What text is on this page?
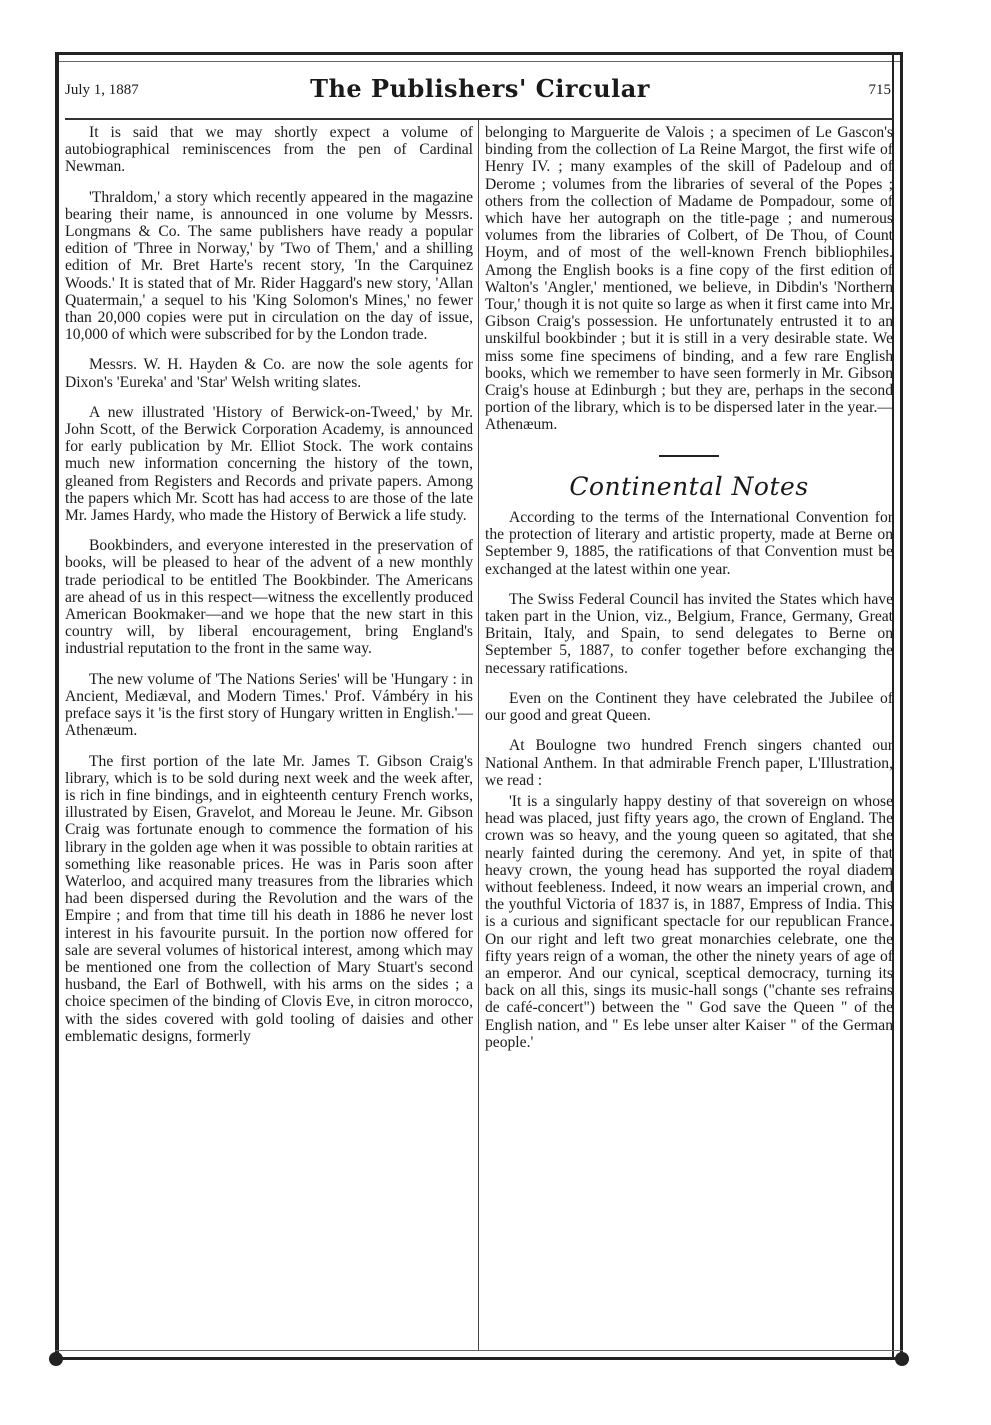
July 1, 1887	The Publishers' Circular	715

It is said that we may shortly expect a volume of autobiographical reminiscences from the pen of Cardinal Newman.

'Thraldom,' a story which recently appeared in the magazine bearing their name, is announced in one volume by Messrs. Longmans & Co. The same publishers have ready a popular edition of 'Three in Norway,' by 'Two of Them,' and a shilling edition of Mr. Bret Harte's recent story, 'In the Carquinez Woods.' It is stated that of Mr. Rider Haggard's new story, 'Allan Quatermain,' a sequel to his 'King Solomon's Mines,' no fewer than 20,000 copies were put in circulation on the day of issue, 10,000 of which were subscribed for by the London trade.

Messrs. W. H. Hayden & Co. are now the sole agents for Dixon's 'Eureka' and 'Star' Welsh writing slates.

A new illustrated 'History of Berwick-on-Tweed,' by Mr. John Scott, of the Berwick Corporation Academy, is announced for early publication by Mr. Elliot Stock. The work contains much new information concerning the history of the town, gleaned from Registers and Records and private papers. Among the papers which Mr. Scott has had access to are those of the late Mr. James Hardy, who made the History of Berwick a life study.

Bookbinders, and everyone interested in the preservation of books, will be pleased to hear of the advent of a new monthly trade periodical to be entitled The Bookbinder. The Americans are ahead of us in this respect—witness the excellently produced American Bookmaker—and we hope that the new start in this country will, by liberal encouragement, bring England's industrial reputation to the front in the same way.

The new volume of 'The Nations Series' will be 'Hungary : in Ancient, Mediæval, and Modern Times.' Prof. Vámbéry in his preface says it 'is the first story of Hungary written in English.'—Athenæum.

The first portion of the late Mr. James T. Gibson Craig's library, which is to be sold during next week and the week after, is rich in fine bindings, and in eighteenth century French works, illustrated by Eisen, Gravelot, and Moreau le Jeune. Mr. Gibson Craig was fortunate enough to commence the formation of his library in the golden age when it was possible to obtain rarities at something like reasonable prices. He was in Paris soon after Waterloo, and acquired many treasures from the libraries which had been dispersed during the Revolution and the wars of the Empire ; and from that time till his death in 1886 he never lost interest in his favourite pursuit. In the portion now offered for sale are several volumes of historical interest, among which may be mentioned one from the collection of Mary Stuart's second husband, the Earl of Bothwell, with his arms on the sides ; a choice specimen of the binding of Clovis Eve, in citron morocco, with the sides covered with gold tooling of daisies and other emblematic designs, formerly

belonging to Marguerite de Valois ; a specimen of Le Gascon's binding from the collection of La Reine Margot, the first wife of Henry IV. ; many examples of the skill of Padeloup and of Derome ; volumes from the libraries of several of the Popes ; others from the collection of Madame de Pompadour, some of which have her autograph on the title-page ; and numerous volumes from the libraries of Colbert, of De Thou, of Count Hoym, and of most of the well-known French bibliophiles. Among the English books is a fine copy of the first edition of Walton's 'Angler,' mentioned, we believe, in Dibdin's 'Northern Tour,' though it is not quite so large as when it first came into Mr. Gibson Craig's possession. He unfortunately entrusted it to an unskilful bookbinder ; but it is still in a very desirable state. We miss some fine specimens of binding, and a few rare English books, which we remember to have seen formerly in Mr. Gibson Craig's house at Edinburgh ; but they are, perhaps in the second portion of the library, which is to be dispersed later in the year.—Athenæum.

Continental Notes

According to the terms of the International Convention for the protection of literary and artistic property, made at Berne on September 9, 1885, the ratifications of that Convention must be exchanged at the latest within one year.

The Swiss Federal Council has invited the States which have taken part in the Union, viz., Belgium, France, Germany, Great Britain, Italy, and Spain, to send delegates to Berne on September 5, 1887, to confer together before exchanging the necessary ratifications.

Even on the Continent they have celebrated the Jubilee of our good and great Queen.

At Boulogne two hundred French singers chanted our National Anthem. In that admirable French paper, L'Illustration, we read :

'It is a singularly happy destiny of that sovereign on whose head was placed, just fifty years ago, the crown of England. The crown was so heavy, and the young queen so agitated, that she nearly fainted during the ceremony. And yet, in spite of that heavy crown, the young head has supported the royal diadem without feebleness. Indeed, it now wears an imperial crown, and the youthful Victoria of 1837 is, in 1887, Empress of India. This is a curious and significant spectacle for our republican France. On our right and left two great monarchies celebrate, one the fifty years reign of a woman, the other the ninety years of age of an emperor. And our cynical, sceptical democracy, turning its back on all this, sings its music-hall songs ("chante ses refrains de café-concert") between the " God save the Queen " of the English nation, and " Es lebe unser alter Kaiser " of the German people.'
